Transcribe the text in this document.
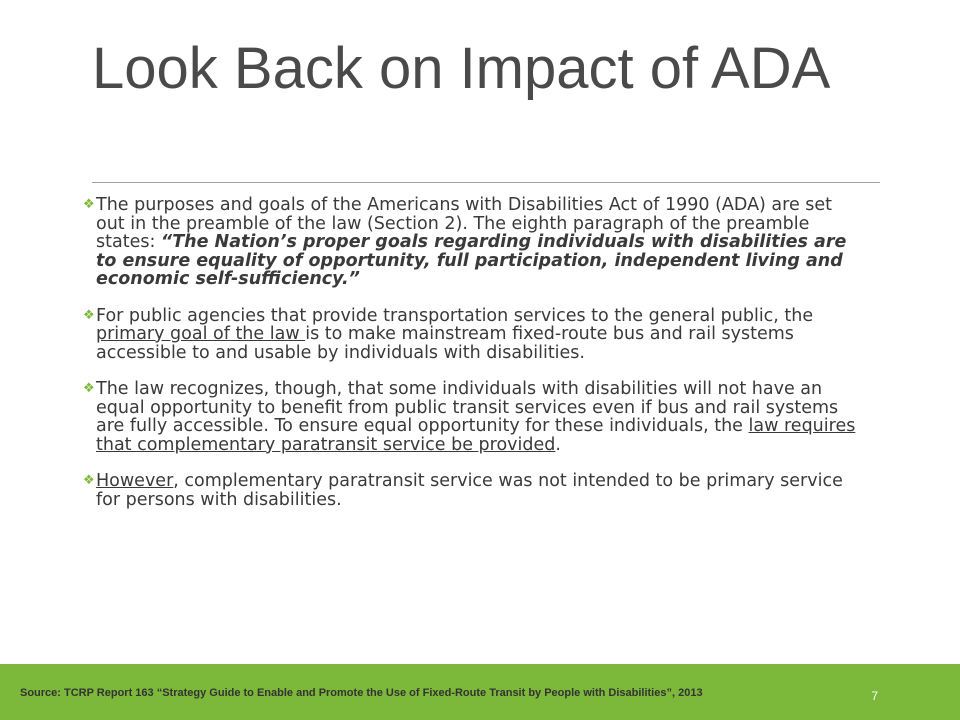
Look Back on Impact of ADA
❖ The purposes and goals of the Americans with Disabilities Act of 1990 (ADA) are set out in the preamble of the law (Section 2). The eighth paragraph of the preamble states: “The Nation’s proper goals regarding individuals with disabilities are to ensure equality of opportunity, full participation, independent living and economic self-sufficiency.”
❖ For public agencies that provide transportation services to the general public, the primary goal of the law is to make mainstream fixed-route bus and rail systems accessible to and usable by individuals with disabilities.
❖ The law recognizes, though, that some individuals with disabilities will not have an equal opportunity to benefit from public transit services even if bus and rail systems are fully accessible. To ensure equal opportunity for these individuals, the law requires that complementary paratransit service be provided.
❖ However, complementary paratransit service was not intended to be primary service for persons with disabilities.

Source: TCRP Report 163 “Strategy Guide to Enable and Promote the Use of Fixed-Route Transit by People with Disabilities”, 2013	7
